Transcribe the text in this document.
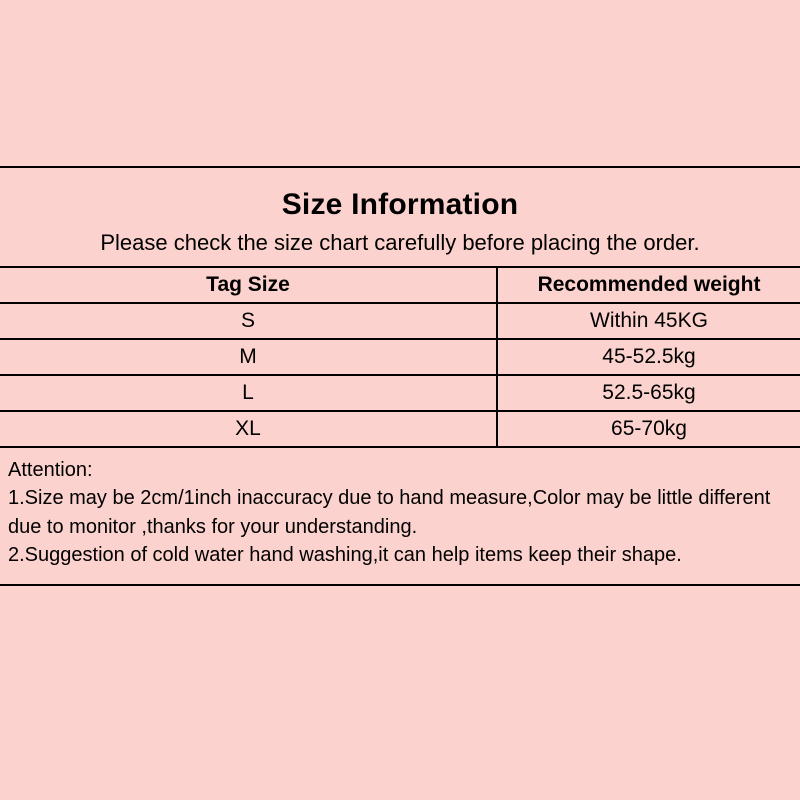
Size Information
Please check the size chart carefully before placing the order.
Tag Size	Recommended weight
S	Within 45KG
M	45-52.5kg
L	52.5-65kg
XL	65-70kg

Attention:

1.Size may be 2cm/1inch inaccuracy due to hand measure,Color may be little different due to monitor ,thanks for your understanding.

2.Suggestion of cold water hand washing,it can help items keep their shape.
